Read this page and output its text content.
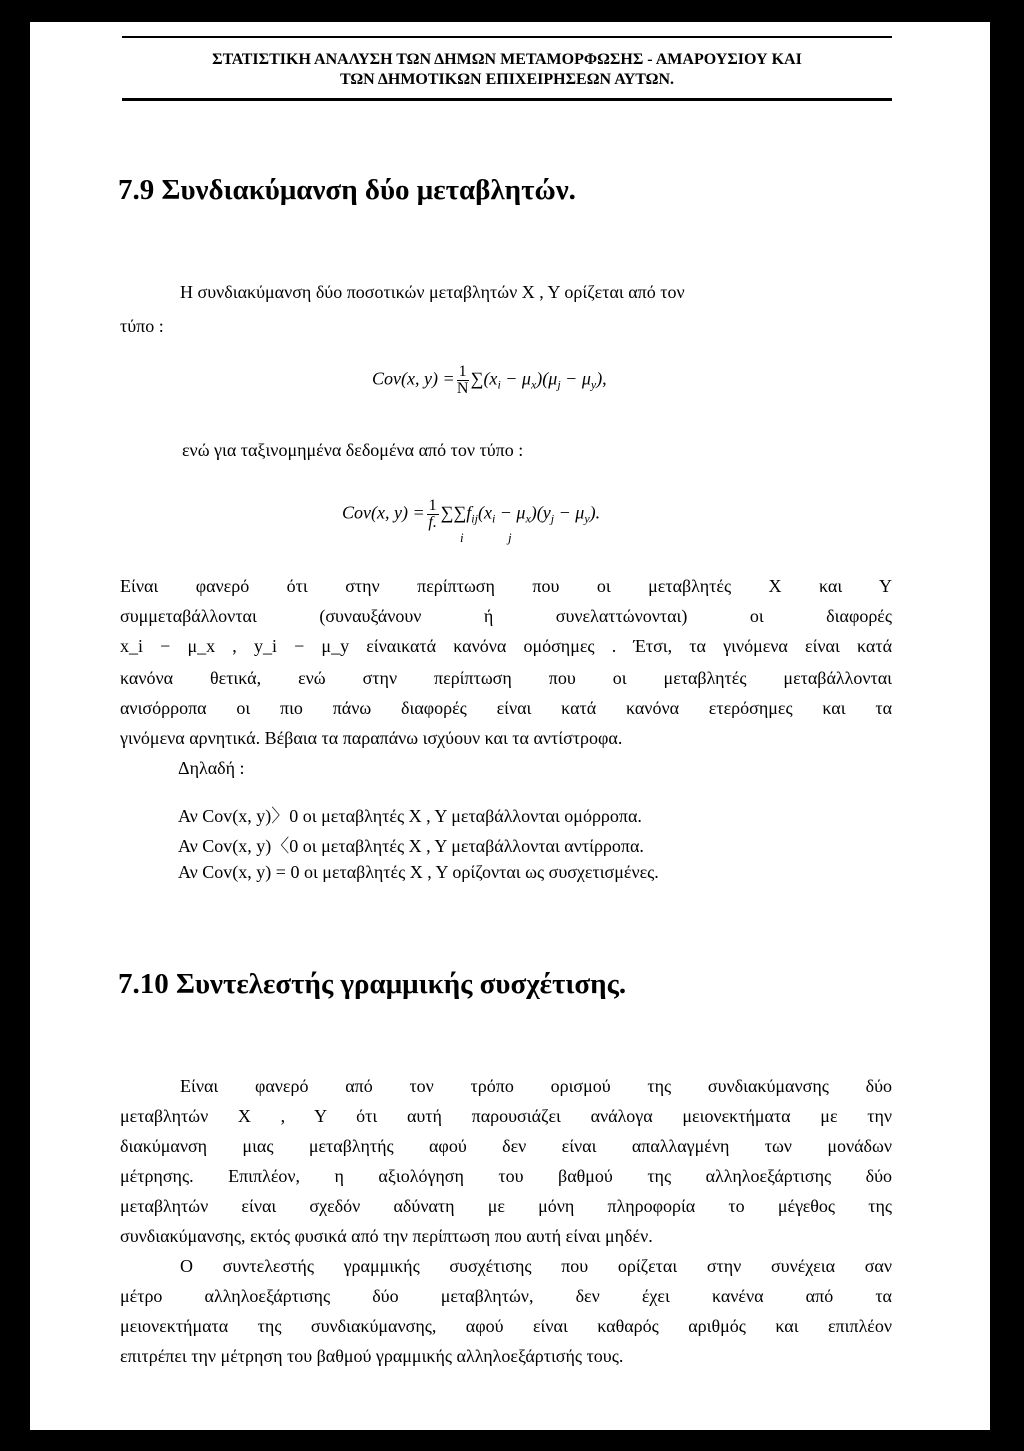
ΣΤΑΤΙΣΤΙΚΗ ΑΝΑΛΥΣΗ ΤΩΝ ΔΗΜΩΝ ΜΕΤΑΜΟΡΦΩΣΗΣ - ΑΜΑΡΟΥΣΙΟΥ ΚΑΙ
ΤΩΝ ΔΗΜΟΤΙΚΩΝ ΕΠΙΧΕΙΡΗΣΕΩΝ ΑΥΤΩΝ.
7.9 Συνδιακύμανση δύο μεταβλητών.
Η συνδιακύμανση δύο ποσοτικών μεταβλητών Χ , Υ ορίζεται από τον
τύπο :
Cov(x, $y) = \frac{1}{N} \sum(x_i - \mu_x)(\mu_j - \mu_y)$,
ενώ για ταξινομημένα δεδομένα από τον τύπο :
Cov(x, $y) = \frac{1}{f.} \sum\sum f_{ij}(x_i - \mu_x)(y_j - \mu_y)$.
i	j
Είναι φανερό ότι στην περίπτωση που οι μεταβλητές Χ και Υ
συμμεταβάλλονται (συναυξάνουν ή συνελαττώνονται) οι διαφορές
x_i − μ_x , y_i − μ_y είναικατά κανόνα ομόσημες . Έτσι, τα γινόμενα είναι κατά
κανόνα θετικά, ενώ στην περίπτωση που οι μεταβλητές μεταβάλλονται
ανισόρροπα οι πιο πάνω διαφορές είναι κατά κανόνα ετερόσημες και τα
γινόμενα αρνητικά. Βέβαια τα παραπάνω ισχύουν και τα αντίστροφα.
Δηλαδή :
Αν Cov(x, y)〉0 οι μεταβλητές Χ , Υ μεταβάλλονται ομόρροπα.
Αν Cov(x, y)〈0 οι μεταβλητές Χ , Υ μεταβάλλονται αντίρροπα.
Αν Cov(x, y) = 0 οι μεταβλητές Χ , Υ ορίζονται ως συσχετισμένες.
7.10 Συντελεστής γραμμικής συσχέτισης.
Είναι φανερό από τον τρόπο ορισμού της συνδιακύμανσης δύο
μεταβλητών Χ , Υ ότι αυτή παρουσιάζει ανάλογα μειονεκτήματα με την
διακύμανση μιας μεταβλητής αφού δεν είναι απαλλαγμένη των μονάδων
μέτρησης. Επιπλέον, η αξιολόγηση του βαθμού της αλληλοεξάρτισης δύο
μεταβλητών είναι σχεδόν αδύνατη με μόνη πληροφορία το μέγεθος της
συνδιακύμανσης, εκτός φυσικά από την περίπτωση που αυτή είναι μηδέν.
Ο συντελεστής γραμμικής συσχέτισης που ορίζεται στην συνέχεια σαν
μέτρο αλληλοεξάρτισης δύο μεταβλητών, δεν έχει κανένα από τα
μειονεκτήματα της συνδιακύμανσης, αφού είναι καθαρός αριθμός και επιπλέον
επιτρέπει την μέτρηση του βαθμού γραμμικής αλληλοεξάρτισής τους.
